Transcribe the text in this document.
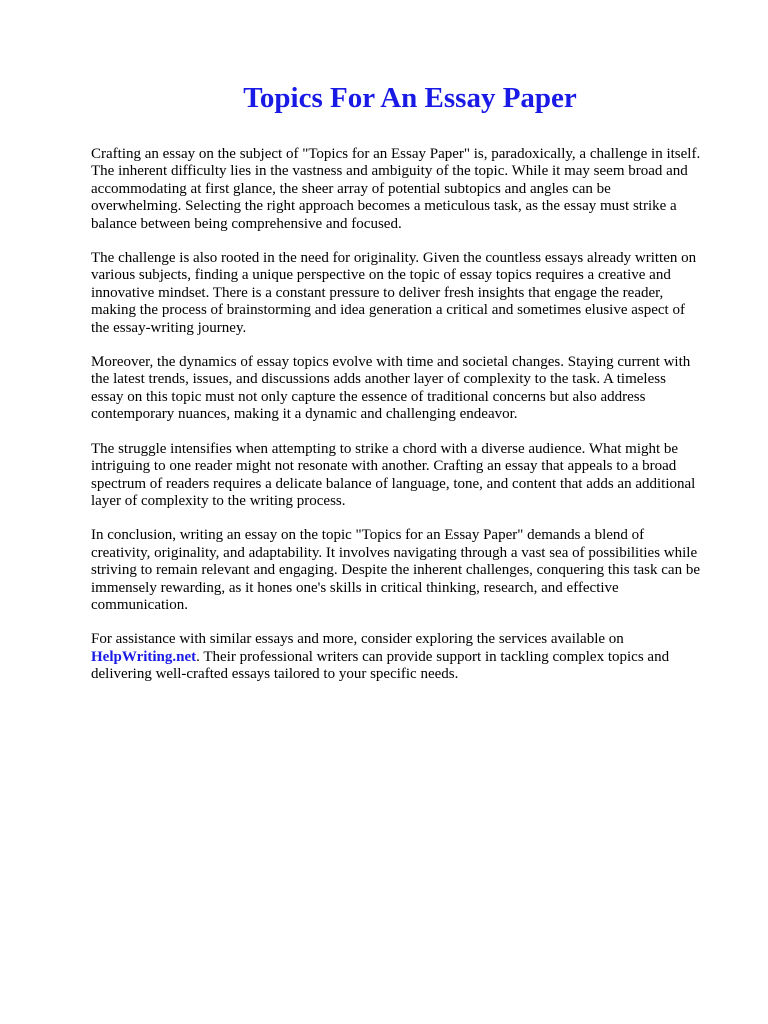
Topics For An Essay Paper

Crafting an essay on the subject of "Topics for an Essay Paper" is, paradoxically, a challenge in itself.
The inherent difficulty lies in the vastness and ambiguity of the topic. While it may seem broad and
accommodating at first glance, the sheer array of potential subtopics and angles can be
overwhelming. Selecting the right approach becomes a meticulous task, as the essay must strike a
balance between being comprehensive and focused.

The challenge is also rooted in the need for originality. Given the countless essays already written on
various subjects, finding a unique perspective on the topic of essay topics requires a creative and
innovative mindset. There is a constant pressure to deliver fresh insights that engage the reader,
making the process of brainstorming and idea generation a critical and sometimes elusive aspect of
the essay-writing journey.

Moreover, the dynamics of essay topics evolve with time and societal changes. Staying current with
the latest trends, issues, and discussions adds another layer of complexity to the task. A timeless
essay on this topic must not only capture the essence of traditional concerns but also address
contemporary nuances, making it a dynamic and challenging endeavor.

The struggle intensifies when attempting to strike a chord with a diverse audience. What might be
intriguing to one reader might not resonate with another. Crafting an essay that appeals to a broad
spectrum of readers requires a delicate balance of language, tone, and content that adds an additional
layer of complexity to the writing process.

In conclusion, writing an essay on the topic "Topics for an Essay Paper" demands a blend of
creativity, originality, and adaptability. It involves navigating through a vast sea of possibilities while
striving to remain relevant and engaging. Despite the inherent challenges, conquering this task can be
immensely rewarding, as it hones one's skills in critical thinking, research, and effective
communication.

For assistance with similar essays and more, consider exploring the services available on
HelpWriting.net. Their professional writers can provide support in tackling complex topics and
delivering well-crafted essays tailored to your specific needs.
